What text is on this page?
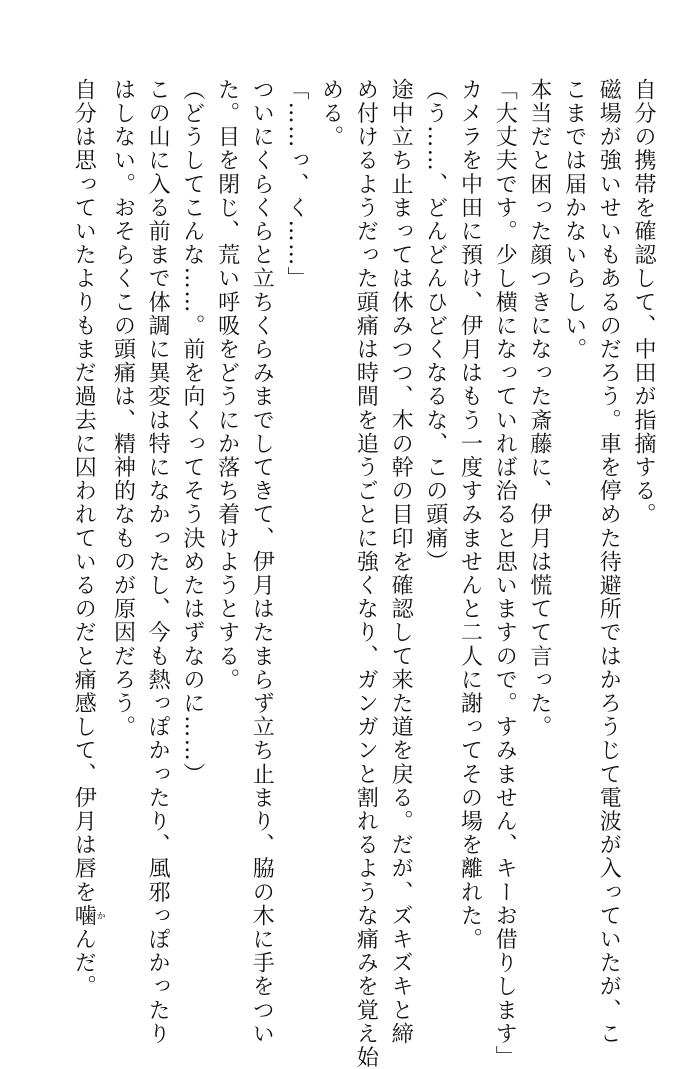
自分の携帯を確認して、中田が指摘する。
磁場が強いせいもあるのだろう。車を停めた待避所ではかろうじて電波が入っていたが、こ
こまでは届かないらしい。
本当だと困った顔つきになった斎藤に、伊月は慌てて言った。
「大丈夫です。少し横になっていれば治ると思いますので。すみません、キーお借りします」
カメラを中田に預け、伊月はもう一度すみませんと二人に謝ってその場を離れた。
（う……、どんどんひどくなるな、この頭痛）
途中立ち止まっては休みつつ、木の幹の目印を確認して来た道を戻る。だが、ズキズキと締
め付けるようだった頭痛は時間を追うごとに強くなり、ガンガンと割れるような痛みを覚え始
める。
「……っ、く……」
ついにくらくらと立ちくらみまでしてきて、伊月はたまらず立ち止まり、脇の木に手をつい
た。目を閉じ、荒い呼吸をどうにか落ち着けようとする。
（どうしてこんな……。前を向くってそう決めたはずなのに……）
この山に入る前まで体調に異変は特になかったし、今も熱っぽかったり、風邪っぽかったり
はしない。おそらくこの頭痛は、精神的なものが原因だろう。
自分は思っていたよりもまだ過去に囚われているのだと痛感して、伊月は唇を噛かんだ。
